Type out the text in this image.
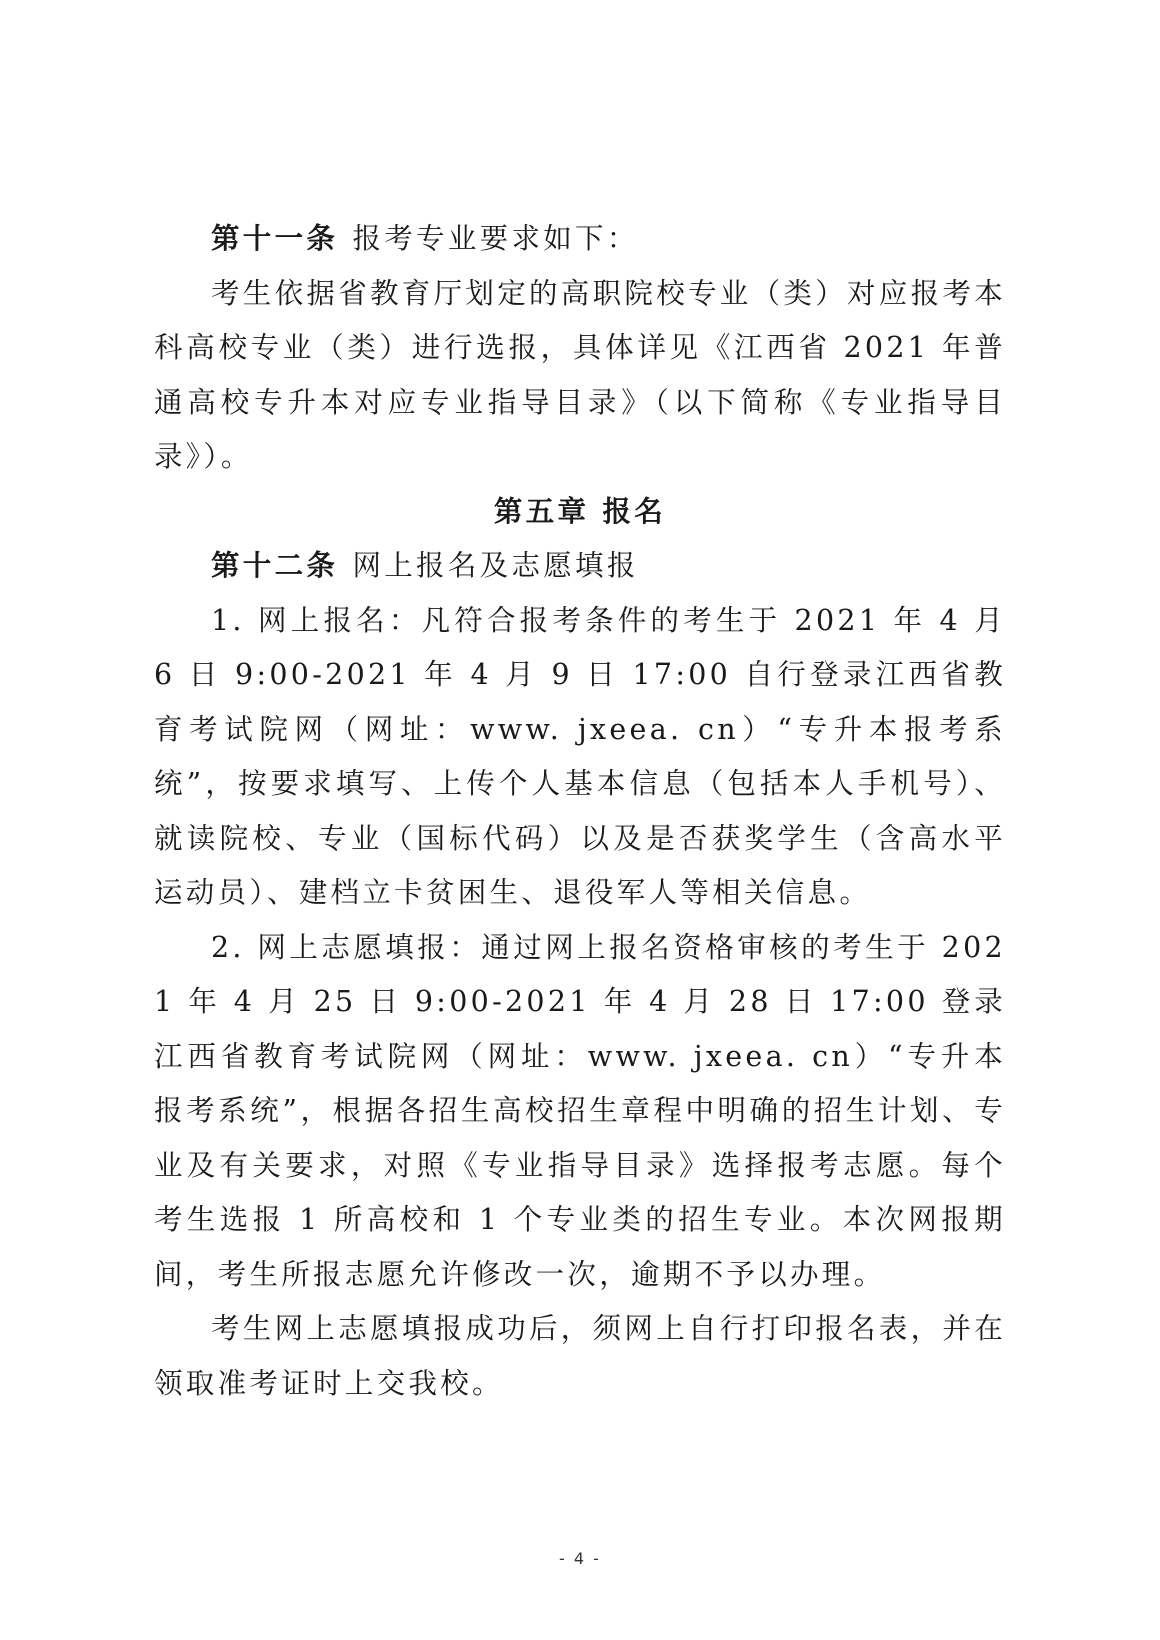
第十一条 报考专业要求如下：

考生依据省教育厅划定的高职院校专业（类）对应报考本科高校专业（类）进行选报，具体详见《江西省 2021 年普通高校专升本对应专业指导目录》（以下简称《专业指导目录》）。

第五章 报名

第十二条 网上报名及志愿填报

1. 网上报名：凡符合报考条件的考生于 2021 年 4 月 6 日 9:00-2021 年 4 月 9 日 17:00 自行登录江西省教育考试院网（网址：www. jxeea. cn）“专升本报考系统”，按要求填写、上传个人基本信息（包括本人手机号）、就读院校、专业（国标代码）以及是否获奖学生（含高水平运动员）、建档立卡贫困生、退役军人等相关信息。

2. 网上志愿填报：通过网上报名资格审核的考生于 2021 年 4 月 25 日 9:00-2021 年 4 月 28 日 17:00 登录江西省教育考试院网（网址：www. jxeea. cn）“专升本报考系统”，根据各招生高校招生章程中明确的招生计划、专业及有关要求，对照《专业指导目录》选择报考志愿。每个考生选报 1 所高校和 1 个专业类的招生专业。本次网报期间，考生所报志愿允许修改一次，逾期不予以办理。

考生网上志愿填报成功后，须网上自行打印报名表，并在领取准考证时上交我校。

- 4 -
